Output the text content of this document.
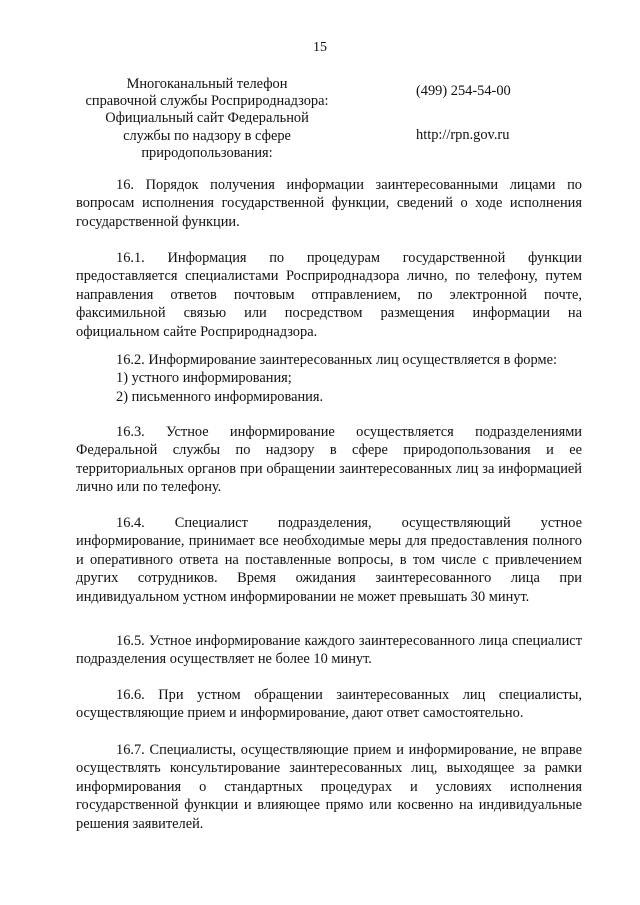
15
Многоканальный телефон
справочной службы Росприроднадзора:
(499) 254-54-00
Официальный сайт Федеральной
службы по надзору в сфере
природопользования:
http://rpn.gov.ru

16. Порядок получения информации заинтересованными лицами по вопросам исполнения государственной функции, сведений о ходе исполнения государственной функции.

16.1. Информация по процедурам государственной функции предоставляется специалистами Росприроднадзора лично, по телефону, путем направления ответов почтовым отправлением, по электронной почте, факсимильной связью или посредством размещения информации на официальном сайте Росприроднадзора.

16.2. Информирование заинтересованных лиц осуществляется в форме:

1) устного информирования;

2) письменного информирования.

16.3. Устное информирование осуществляется подразделениями Федеральной службы по надзору в сфере природопользования и ее территориальных органов при обращении заинтересованных лиц за информацией лично или по телефону.

16.4. Специалист подразделения, осуществляющий устное информирование, принимает все необходимые меры для предоставления полного и оперативного ответа на поставленные вопросы, в том числе с привлечением других сотрудников. Время ожидания заинтересованного лица при индивидуальном устном информировании не может превышать 30 минут.

16.5. Устное информирование каждого заинтересованного лица специалист подразделения осуществляет не более 10 минут.

16.6. При устном обращении заинтересованных лиц специалисты, осуществляющие прием и информирование, дают ответ самостоятельно.

16.7. Специалисты, осуществляющие прием и информирование, не вправе осуществлять консультирование заинтересованных лиц, выходящее за рамки информирования о стандартных процедурах и условиях исполнения государственной функции и влияющее прямо или косвенно на индивидуальные решения заявителей.
